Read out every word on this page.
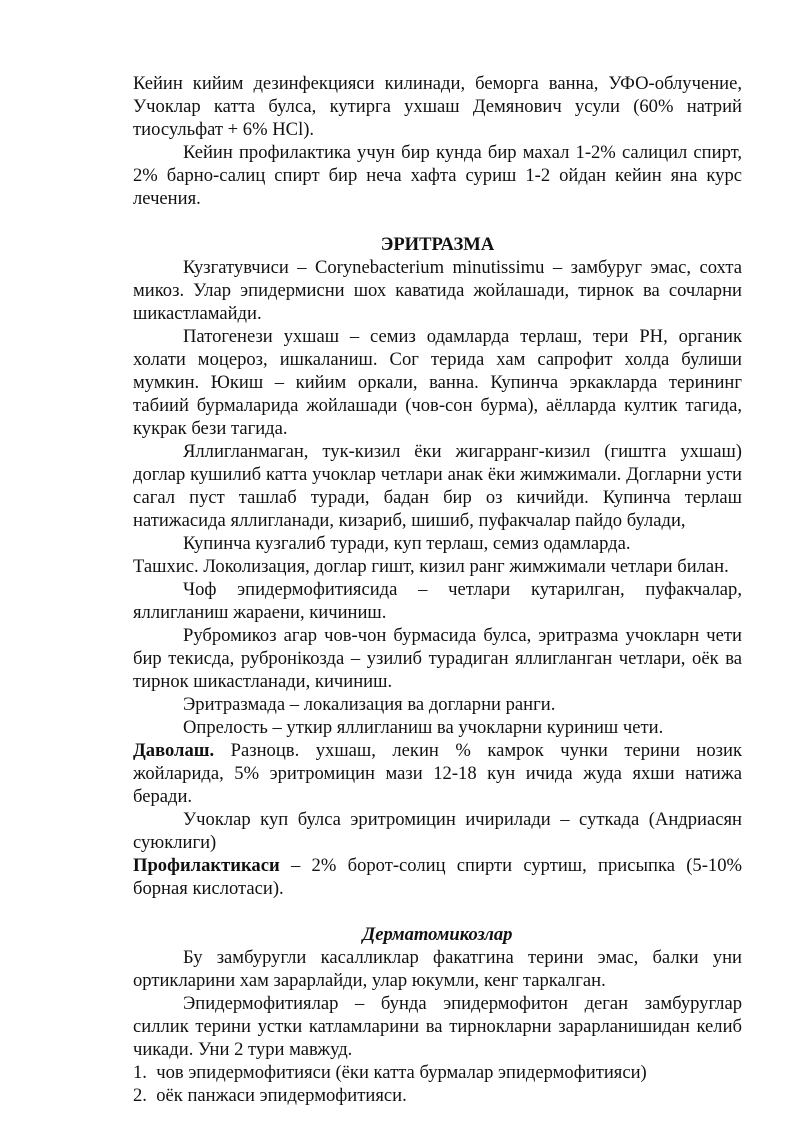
Кейин кийим дезинфекцияси килинади, беморга ванна, УФО-облучение, Учоклар катта булса, кутирга ухшаш Демянович усули (60% натрий тиосульфат + 6% HCl).

Кейин профилактика учун бир кунда бир махал 1-2% салицил спирт, 2% барно-салиц спирт бир неча хафта суриш 1-2 ойдан кейин яна курс лечения.

ЭРИТРАЗМА

Кузгатувчиси – Corynebacterium minutissimu – замбуруг эмас, сохта микоз. Улар эпидермисни шох каватида жойлашади, тирнок ва сочларни шикастламайди.

Патогенези ухшаш – семиз одамларда терлаш, тери PH, органик холати моцероз, ишкаланиш. Сог терида хам сапрофит холда булиши мумкин. Юкиш – кийим оркали, ванна. Купинча эркакларда терининг табиий бурмаларида жойлашади (чов-сон бурма), аёлларда култик тагида, кукрак бези тагида.

Яллигланмаган, тук-кизил ёки жигарранг-кизил (гиштга ухшаш) доглар кушилиб катта учоклар четлари анак ёки жимжимали. Догларни усти сагал пуст ташлаб туради, бадан бир оз кичийди. Купинча терлаш натижасида яллигланади, кизариб, шишиб, пуфакчалар пайдо булади,

Купинча кузгалиб туради, куп терлаш, семиз одамларда.

Ташхис. Локолизация, доглар гишт, кизил ранг жимжимали четлари билан.

Чоф эпидермофитиясида – четлари кутарилган, пуфакчалар, яллигланиш жараени, кичиниш.

Рубромикоз агар чов-чон бурмасида булса, эритразма учокларн чети бир текисда, рубронікозда – узилиб турадиган яллигланган четлари, оёк ва тирнок шикастланади, кичиниш.

Эритразмада – локализация ва догларни ранги.

Опрелость – уткир яллигланиш ва учокларни куриниш чети.

Даволаш. Разноцв. ухшаш, лекин % камрок чунки терини нозик жойларида, 5% эритромицин мази 12-18 кун ичида жуда яхши натижа беради.

Учоклар куп булса эритромицин ичирилади – суткада (Андриасян суюклиги)

Профилактикаси – 2% борот-солиц спирти суртиш, присыпка (5-10% борная кислотаси).

Дерматомикозлар

Бу замбуругли касалликлар факатгина терини эмас, балки уни ортикларини хам зарарлайди, улар юкумли, кенг таркалган.

Эпидермофитиялар – бунда эпидермофитон деган замбуруглар силлик терини устки катламларини ва тирнокларни зарарланишидан келиб чикади. Уни 2 тури мавжуд.

1. чов эпидермофитияси (ёки катта бурмалар эпидермофитияси)

2. оёк панжаси эпидермофитияси.
